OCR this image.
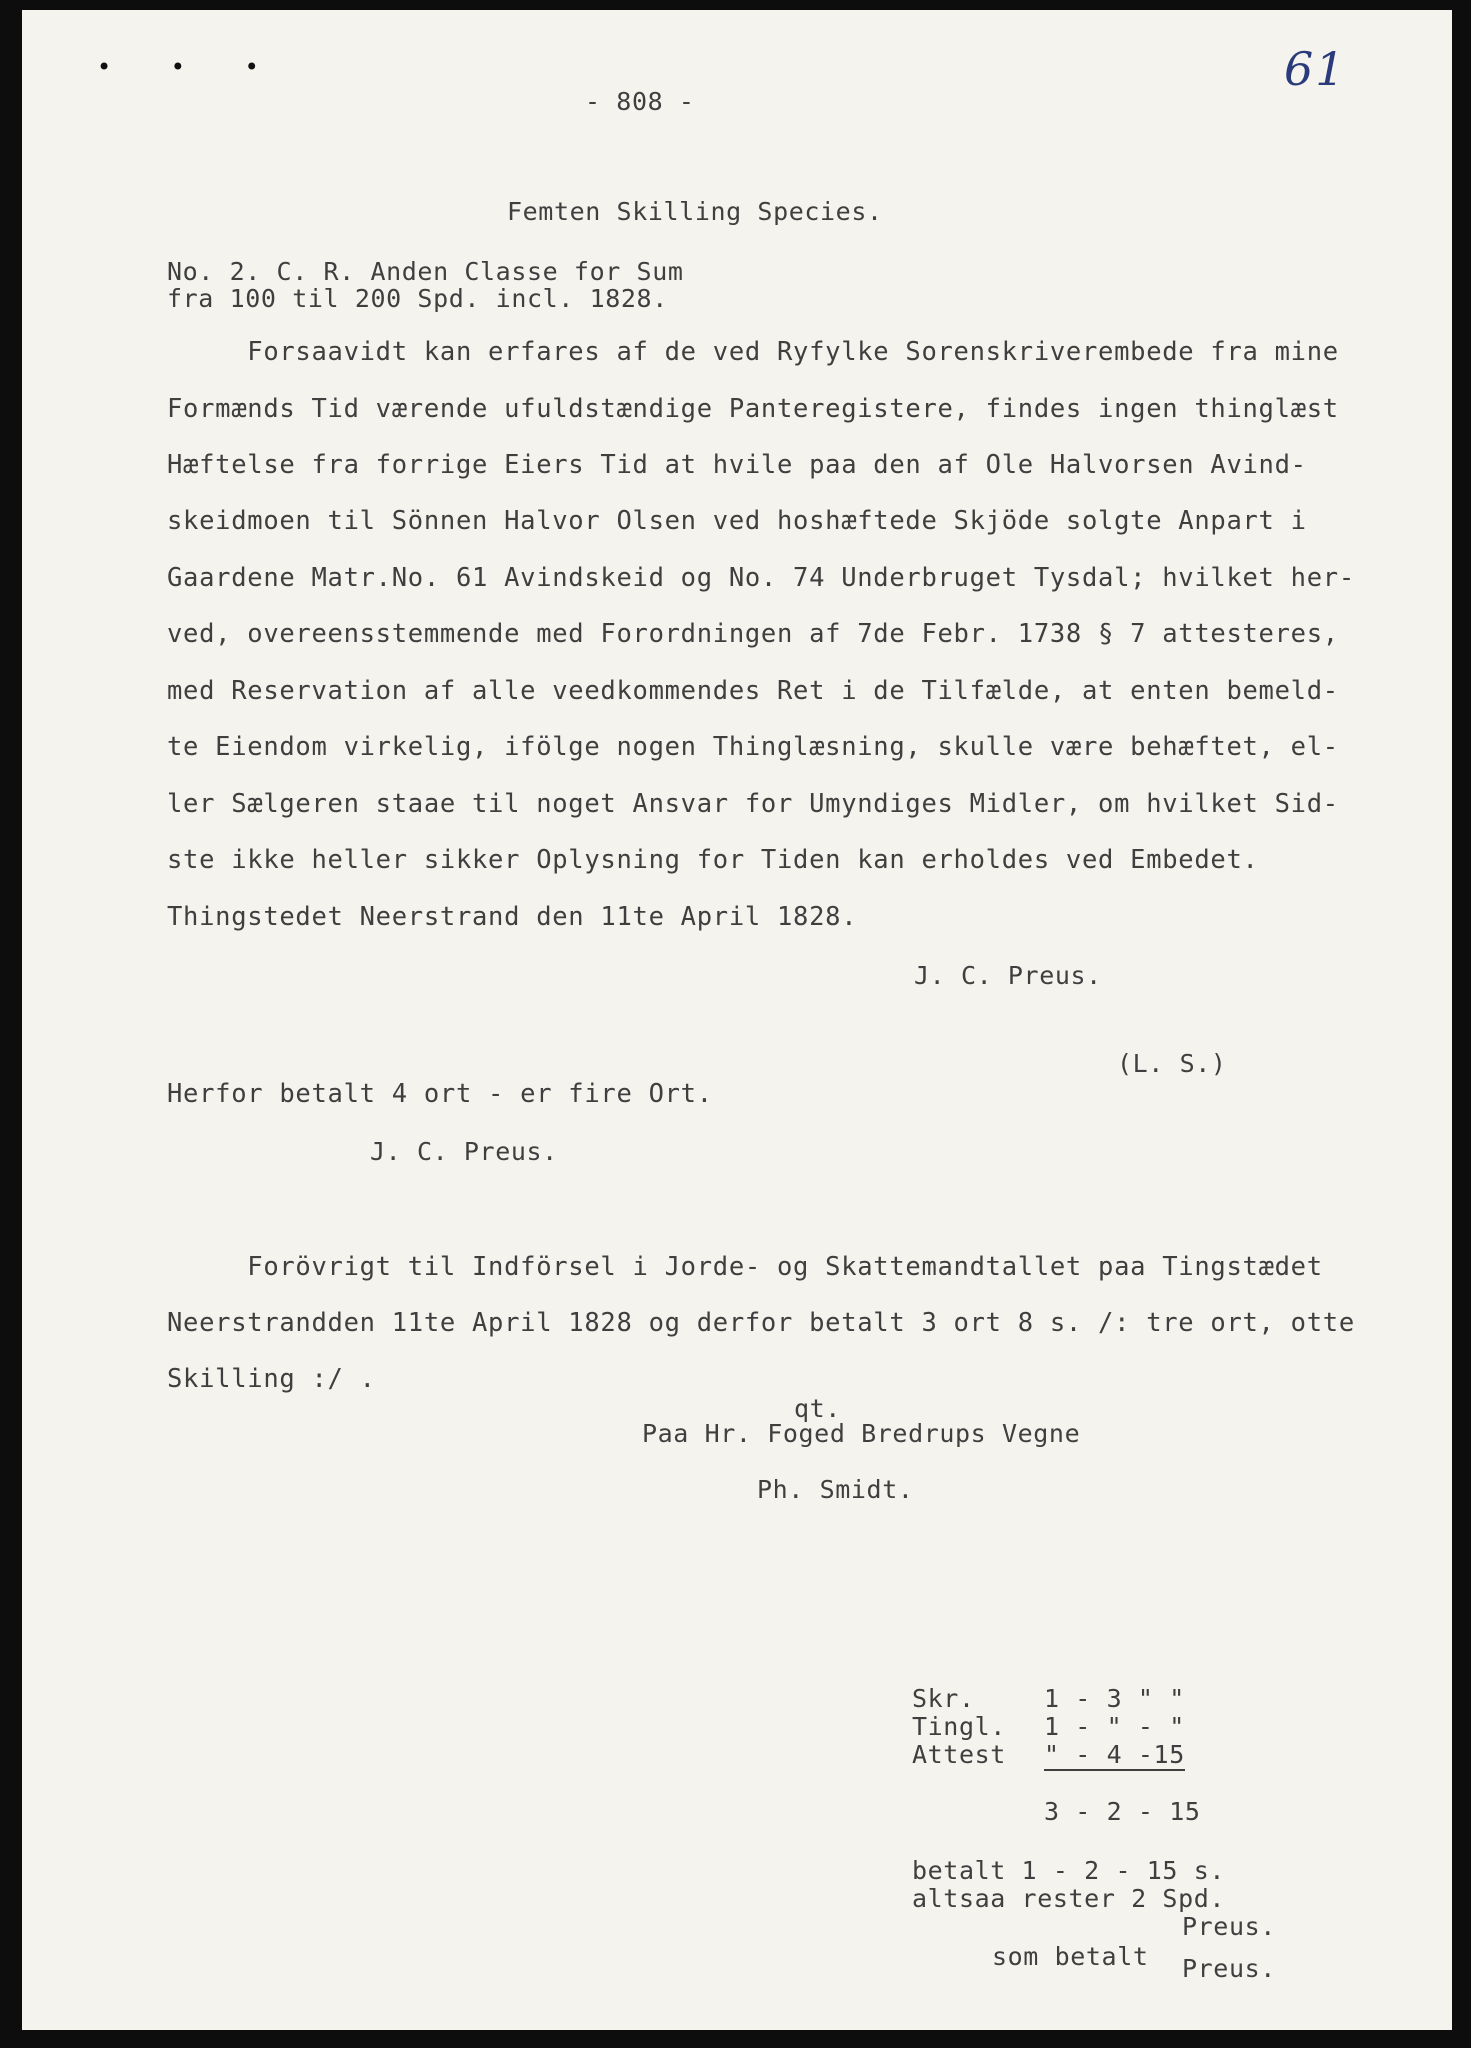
• • •	61
- 808 -
Femten Skilling Species.
No. 2. C. R. Anden Classe for Sum
fra 100 til 200 Spd. incl. 1828.
Forsaavidt kan erfares af de ved Ryfylke Sorenskriverembede fra mine
Formænds Tid værende ufuldstændige Panteregistere, findes ingen thinglæst
Hæftelse fra forrige Eiers Tid at hvile paa den af Ole Halvorsen Avind-
skeidmoen til Sönnen Halvor Olsen ved hoshæftede Skjöde solgte Anpart i
Gaardene Matr.No. 61 Avindskeid og No. 74 Underbruget Tysdal; hvilket her-
ved, overeensstemmende med Forordningen af 7de Febr. 1738 § 7 attesteres,
med Reservation af alle veedkommendes Ret i de Tilfælde, at enten bemeld-
te Eiendom virkelig, ifölge nogen Thinglæsning, skulle være behæftet, el-
ler Sælgeren staae til noget Ansvar for Umyndiges Midler, om hvilket Sid-
ste ikke heller sikker Oplysning for Tiden kan erholdes ved Embedet.
Thingstedet Neerstrand den 11te April 1828.
J. C. Preus.
(L. S.)
Herfor betalt 4 ort - er fire Ort.
J. C. Preus.
Forövrigt til Indförsel i Jorde- og Skattemandtallet paa Tingstædet
Neerstrandden 11te April 1828 og derfor betalt 3 ort 8 s. /: tre ort, otte
Skilling :/ .
qt.
Paa Hr. Foged Bredrups Vegne
Ph. Smidt.
Skr.	1 - 3 " "
Tingl. 1 - " - "
Attest " - 4 -15
3 - 2 - 15
betalt 1 - 2 - 15 s.
altsaa rester 2 Spd.
Preus.
som betalt Preus.
